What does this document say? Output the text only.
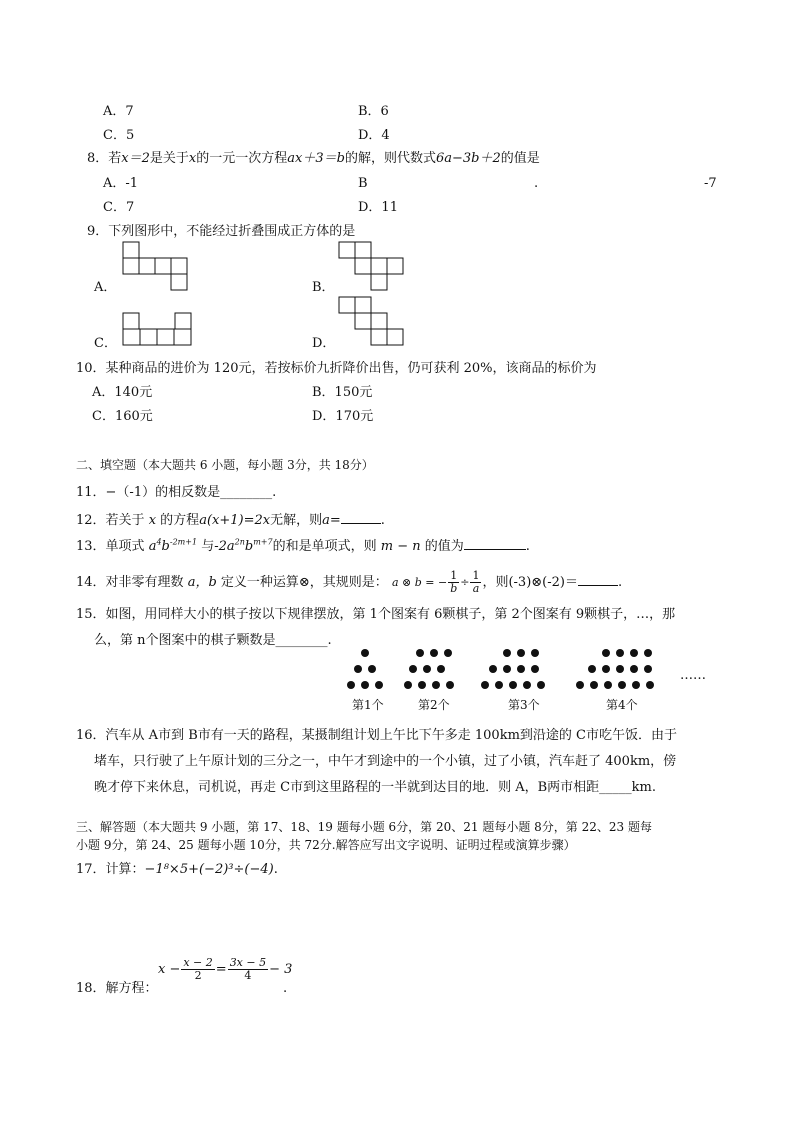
A．7	B．6
C．5	D．4
8．若x＝2是关于x的一元一次方程ax＋3＝b的解，则代数式6a−3b＋2的值是
A．-1	B	.	-7
C．7	D．11
9．下列图形中，不能经过折叠围成正方体的是
A．	B．
C．	D．
10．某种商品的进价为 120元，若按标价九折降价出售，仍可获利 20%，该商品的标价为
A．140元	B．150元
C．160元	D．170元
二、填空题（本大题共 6 小题，每小题 3分，共 18分）
11．−（-1）的相反数是________.
12．若关于 x 的方程a(x+1)=2x无解，则a=	.
13．单项式 $a^4b^{-2m+1}$ 与$-2a^{2n}b^{m+7}$的和是单项式，则 m − n 的值为	.
14．对非零有理数 a，b 定义一种运算⊗，其规则是： a ⊗ b = − $\frac{1}{b} \div \frac{1}{a}$ ，则(-3)⊗(-2)＝	.
15．如图，用同样大小的棋子按以下规律摆放，第 1个图案有 6颗棋子，第 2个图案有 9颗棋子，…，那
么，第 n个图案中的棋子颗数是________.
第1个	第2个	第3个	第4个
……
16．汽车从 A市到 B市有一天的路程，某摄制组计划上午比下午多走 100km到沿途的 C市吃午饭．由于
堵车，只行驶了上午原计划的三分之一，中午才到途中的一个小镇，过了小镇，汽车赶了 400km，傍
晚才停下来休息，司机说，再走 C市到这里路程的一半就到达目的地．则 A，B两市相距_____km.
三、解答题（本大题共 9 小题，第 17、18、19 题每小题 6分，第 20、21 题每小题 8分，第 22、23 题每
小题 9分，第 24、25 题每小题 10分，共 72分.解答应写出文字说明、证明过程或演算步骤）
17．计算：−1⁸×5+(−2)³÷(−4).
18．解方程：
$x - \frac{x - 2}{2} = \frac{3x - 5}{4} - 3$
.
